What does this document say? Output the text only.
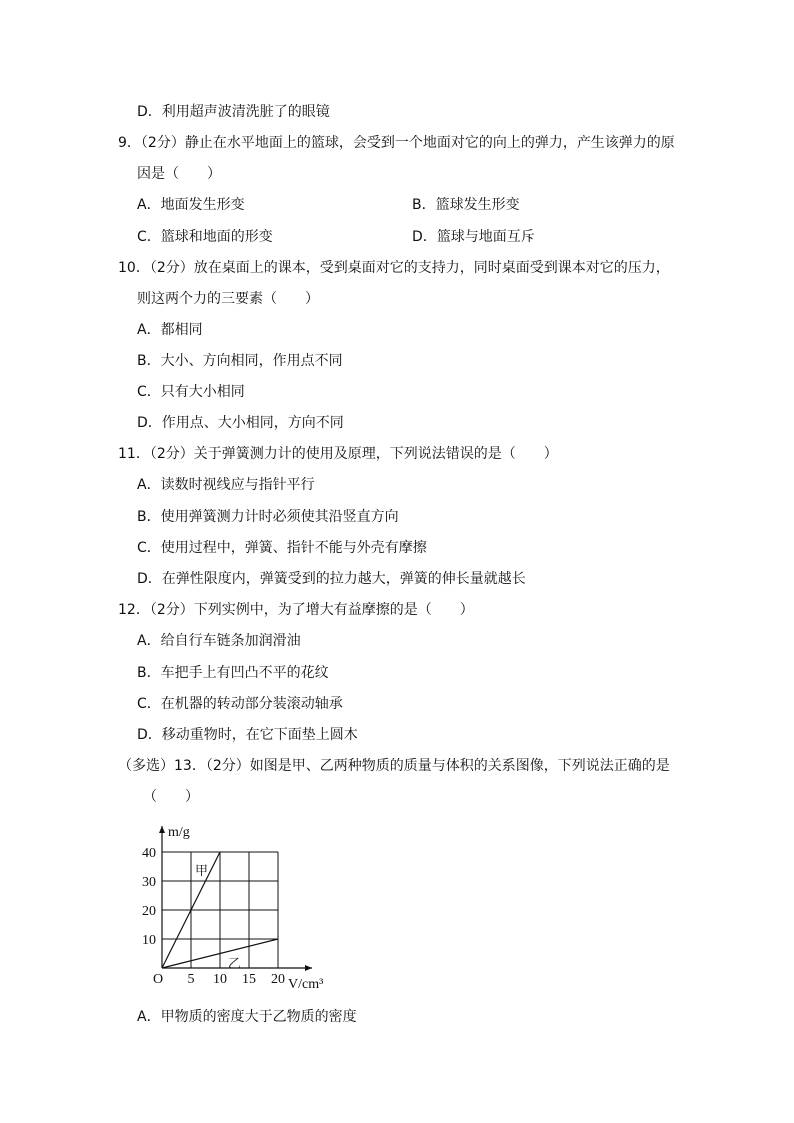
D．利用超声波清洗脏了的眼镜
9．（2分）静止在水平地面上的篮球，会受到一个地面对它的向上的弹力，产生该弹力的原
因是（　　）
A．地面发生形变	B．篮球发生形变
C．篮球和地面的形变	D．篮球与地面互斥
10．（2分）放在桌面上的课本，受到桌面对它的支持力，同时桌面受到课本对它的压力，
则这两个力的三要素（　　）
A．都相同
B．大小、方向相同，作用点不同
C．只有大小相同
D．作用点、大小相同，方向不同
11．（2分）关于弹簧测力计的使用及原理，下列说法错误的是（　　）
A．读数时视线应与指针平行
B．使用弹簧测力计时必须使其沿竖直方向
C．使用过程中，弹簧、指针不能与外壳有摩擦
D．在弹性限度内，弹簧受到的拉力越大，弹簧的伸长量就越长
12．（2分）下列实例中，为了增大有益摩擦的是（　　）
A．给自行车链条加润滑油
B．车把手上有凹凸不平的花纹
C．在机器的转动部分装滚动轴承
D．移动重物时，在它下面垫上圆木
（多选）13．（2分）如图是甲、乙两种物质的质量与体积的关系图像，下列说法正确的是
（　　）
5 10 15 20
10
20
30
40
m/g
V/cm³
O
甲
乙
A．甲物质的密度大于乙物质的密度
